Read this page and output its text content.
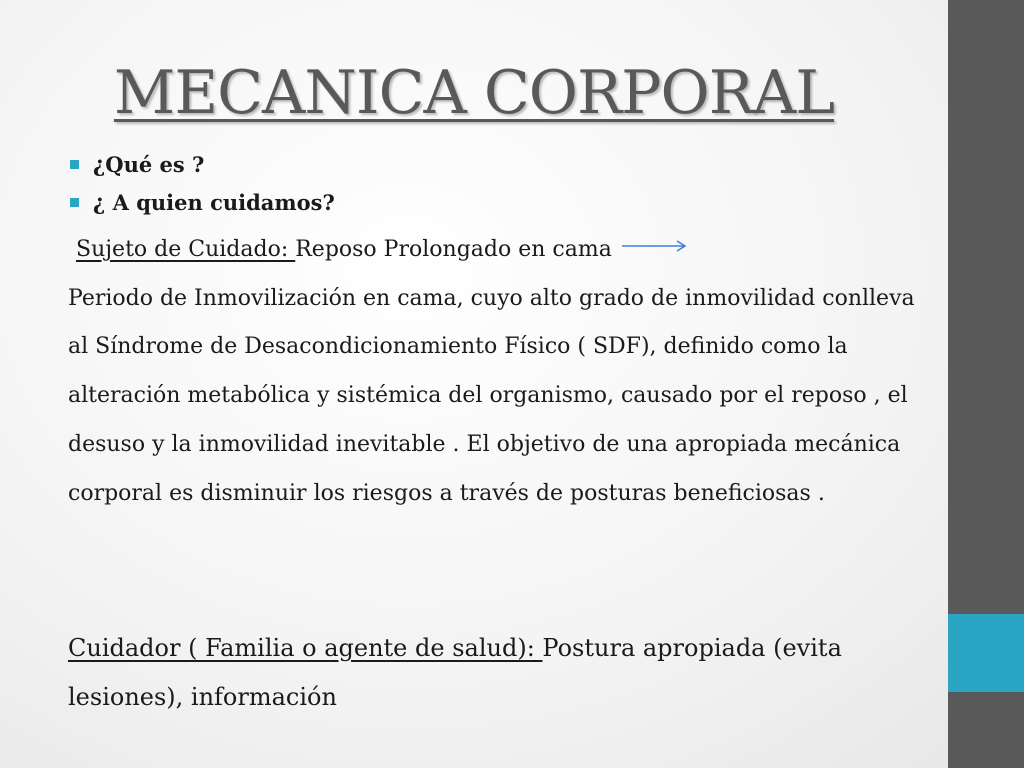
MECANICA CORPORAL
¿Qué es ?
¿ A quien cuidamos?

Sujeto de Cuidado: Reposo Prolongado en cama
Periodo de Inmovilización en cama, cuyo alto grado de inmovilidad conlleva al Síndrome de Desacondicionamiento Físico ( SDF), definido como la alteración metabólica y sistémica del organismo, causado por el reposo , el desuso y la inmovilidad inevitable . El objetivo de una apropiada mecánica corporal es disminuir los riesgos a través de posturas beneficiosas .

Cuidador ( Familia o agente de salud): Postura apropiada (evita lesiones), información
